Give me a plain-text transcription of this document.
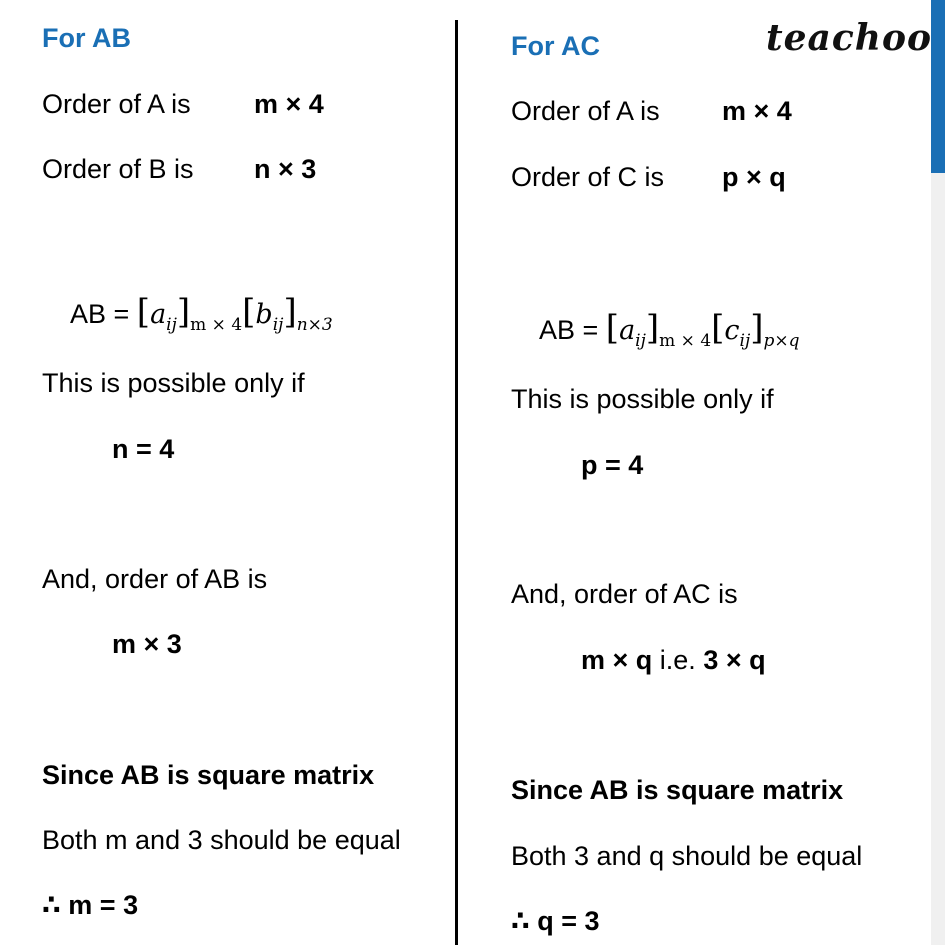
teachoo
For AB
Order of A is m × 4
Order of B is n × 3
AB = $[a_{ij}]_{m \times 4}[b_{ij}]_{n\times 3}$
This is possible only if
n = 4
And, order of AB is
m × 3
Since AB is square matrix
Both m and 3 should be equal
∴ m = 3
For AC
Order of A is m × 4
Order of C is p × q
AB = $[a_{ij}]_{m \times 4}[c_{ij}]_{p\times q}$
This is possible only if
p = 4
And, order of AC is
m × q i.e. 3 × q
Since AB is square matrix
Both 3 and q should be equal
∴ q = 3
